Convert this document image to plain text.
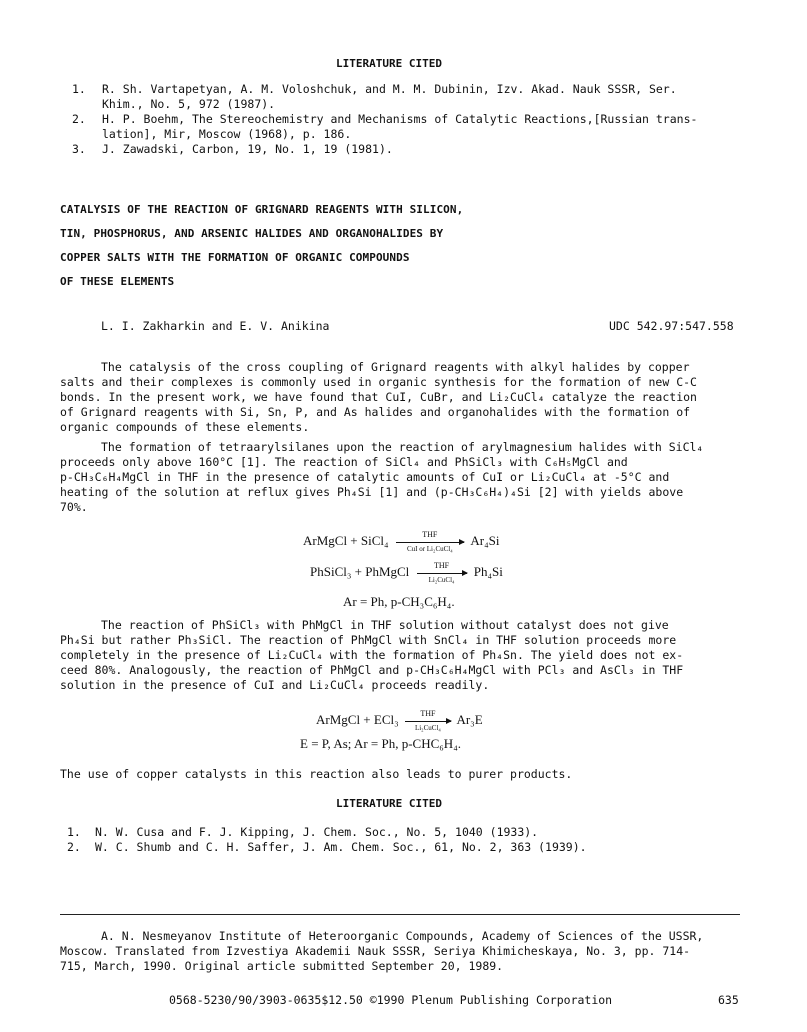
LITERATURE CITED
1. R. Sh. Vartapetyan, A. M. Voloshchuk, and M. M. Dubinin, Izv. Akad. Nauk SSSR, Ser.
Khim., No. 5, 972 (1987).
2. H. P. Boehm, The Stereochemistry and Mechanisms of Catalytic Reactions,[Russian trans-
lation], Mir, Moscow (1968), p. 186.
3. J. Zawadski, Carbon, 19, No. 1, 19 (1981).
CATALYSIS OF THE REACTION OF GRIGNARD REAGENTS WITH SILICON,
TIN, PHOSPHORUS, AND ARSENIC HALIDES AND ORGANOHALIDES BY
COPPER SALTS WITH THE FORMATION OF ORGANIC COMPOUNDS
OF THESE ELEMENTS
L. I. Zakharkin and E. V. Anikina	UDC 542.97:547.558
The catalysis of the cross coupling of Grignard reagents with alkyl halides by copper
salts and their complexes is commonly used in organic synthesis for the formation of new C-C
bonds. In the present work, we have found that CuI, CuBr, and Li₂CuCl₄ catalyze the reaction
of Grignard reagents with Si, Sn, P, and As halides and organohalides with the formation of
organic compounds of these elements.
The formation of tetraarylsilanes upon the reaction of arylmagnesium halides with SiCl₄
proceeds only above 160°C [1]. The reaction of SiCl₄ and PhSiCl₃ with C₆H₅MgCl and
p-CH₃C₆H₄MgCl in THF in the presence of catalytic amounts of CuI or Li₂CuCl₄ at -5°C and
heating of the solution at reflux gives Ph₄Si [1] and (p-CH₃C₆H₄)₄Si [2] with yields above
70%.
ArMgCl + SiCl₄	THF
CuI or Li₂CuCl₄
Ar₄Si
PhSiCl₃ + PhMgCl	THF
Li₂CuCl₄
Ph₄Si
Ar = Ph, p-CH₃C₆H₄.
The reaction of PhSiCl₃ with PhMgCl in THF solution without catalyst does not give
Ph₄Si but rather Ph₃SiCl. The reaction of PhMgCl with SnCl₄ in THF solution proceeds more
completely in the presence of Li₂CuCl₄ with the formation of Ph₄Sn. The yield does not ex-
ceed 80%. Analogously, the reaction of PhMgCl and p-CH₃C₆H₄MgCl with PCl₃ and AsCl₃ in THF
solution in the presence of CuI and Li₂CuCl₄ proceeds readily.
ArMgCl + ECl₃	THF
Li₂CuCl₄
Ar₃E
E = P, As; Ar = Ph, p-CHC₆H₄.
The use of copper catalysts in this reaction also leads to purer products.
LITERATURE CITED
1. N. W. Cusa and F. J. Kipping, J. Chem. Soc., No. 5, 1040 (1933).
2. W. C. Shumb and C. H. Saffer, J. Am. Chem. Soc., 61, No. 2, 363 (1939).
A. N. Nesmeyanov Institute of Heteroorganic Compounds, Academy of Sciences of the USSR,
Moscow. Translated from Izvestiya Akademii Nauk SSSR, Seriya Khimicheskaya, No. 3, pp. 714-
715, March, 1990. Original article submitted September 20, 1989.
0568-5230/90/3903-0635$12.50 ©1990 Plenum Publishing Corporation	635
